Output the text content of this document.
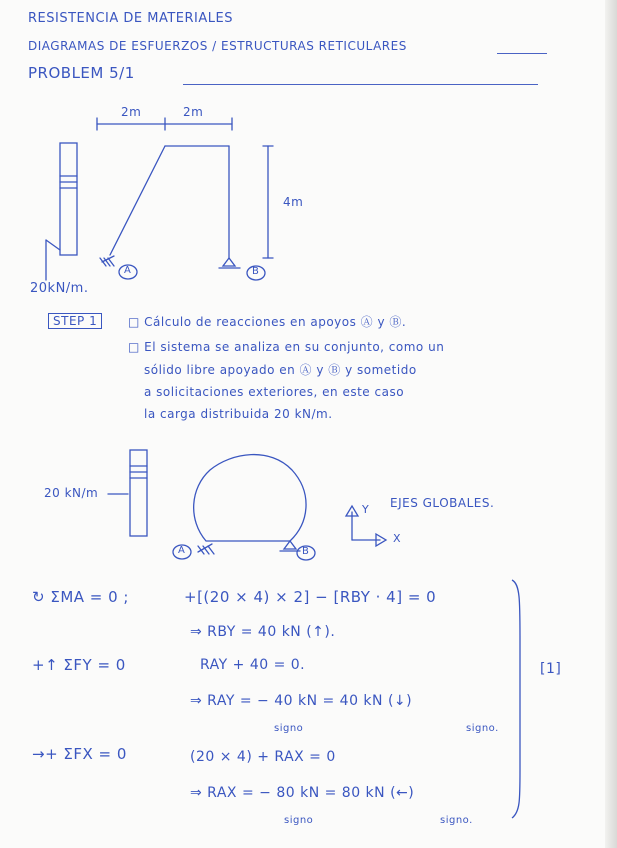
RESISTENCIA DE MATERIALES
DIAGRAMAS DE ESFUERZOS / ESTRUCTURAS RETICULARES
PROBLEM 5/1
2m	2m
4m
20kN/m.
A	B
STEP 1	□ Cálculo de reacciones en apoyos Ⓐ y Ⓑ.
□ El sistema se analiza en su conjunto, como un
sólido libre apoyado en Ⓐ y Ⓑ y sometido
a solicitaciones exteriores, en este caso
la carga distribuida 20 kN/m.
20 kN/m
EJES GLOBALES.
Y
X
A	B
↻ ΣMA = 0 ;	+[(20 × 4) × 2] − [RBY · 4] = 0
⇒ RBY = 40 kN (↑).
+↑ ΣFY = 0	RAY + 40 = 0.
⇒ RAY = − 40 kN = 40 kN (↓)
signo	signo.
→+ ΣFX = 0	(20 × 4) + RAX = 0
⇒ RAX = − 80 kN = 80 kN (←)
signo	signo.
[1]
